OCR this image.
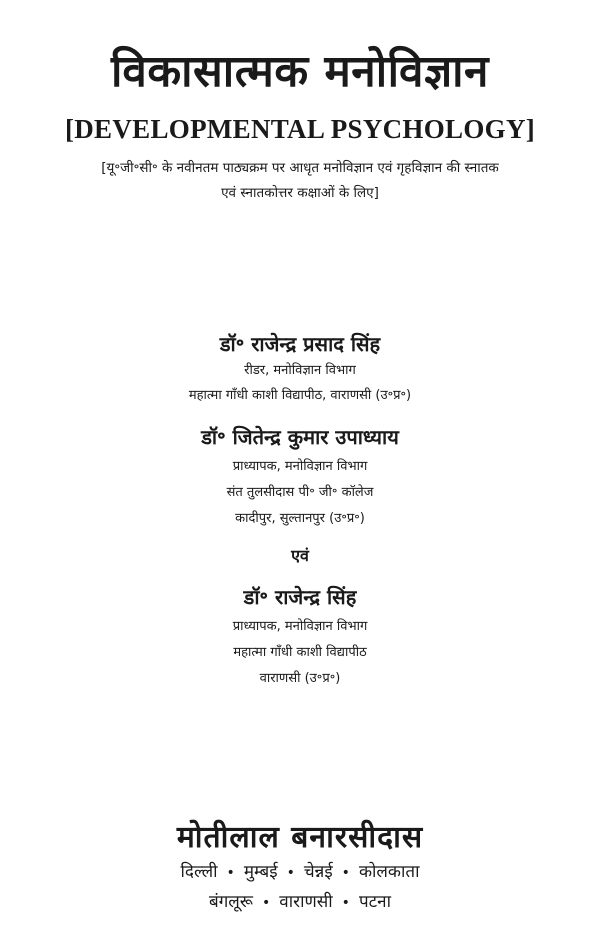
विकासात्मक मनोविज्ञान
[DEVELOPMENTAL PSYCHOLOGY]
[यू॰जी॰सी॰ के नवीनतम पाठ्यक्रम पर आधृत मनोविज्ञान एवं गृहविज्ञान की स्नातक
एवं स्नातकोत्तर कक्षाओं के लिए]
डॉ॰ राजेन्द्र प्रसाद सिंह
रीडर, मनोविज्ञान विभाग
महात्मा गाँधी काशी विद्यापीठ, वाराणसी (उ॰प्र॰)
डॉ॰ जितेन्द्र कुमार उपाध्याय
प्राध्यापक, मनोविज्ञान विभाग
संत तुलसीदास पी॰ जी॰ कॉलेज
कादीपुर, सुल्तानपुर (उ॰प्र॰)
एवं
डॉ॰ राजेन्द्र सिंह
प्राध्यापक, मनोविज्ञान विभाग
महात्मा गाँधी काशी विद्यापीठ
वाराणसी (उ॰प्र॰)
मोतीलाल बनारसीदास
दिल्ली • मुम्बई • चेन्नई • कोलकाता
बंगलूरू • वाराणसी • पटना
